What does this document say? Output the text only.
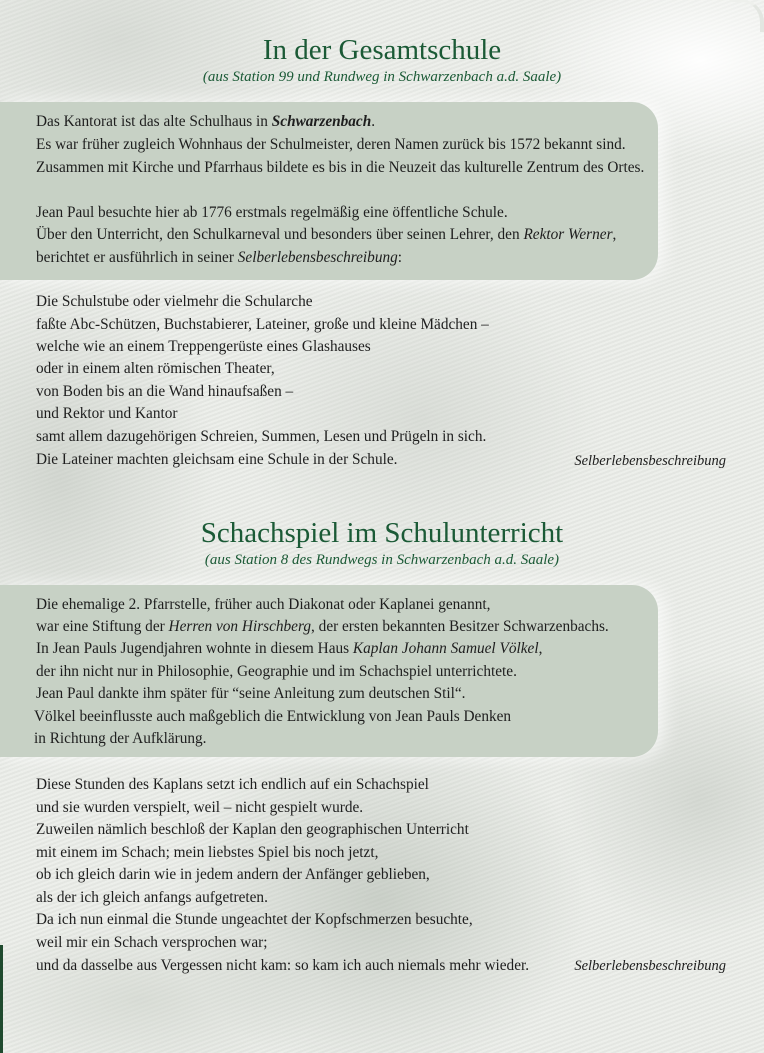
In der Gesamtschule

(aus Station 99 und Rundweg in Schwarzenbach a.d. Saale)

Das Kantorat ist das alte Schulhaus in Schwarzenbach.
Es war früher zugleich Wohnhaus der Schulmeister, deren Namen zurück bis 1572 bekannt sind.
Zusammen mit Kirche und Pfarrhaus bildete es bis in die Neuzeit das kulturelle Zentrum des Ortes.
Jean Paul besuchte hier ab 1776 erstmals regelmäßig eine öffentliche Schule.
Über den Unterricht, den Schulkarneval und besonders über seinen Lehrer, den Rektor Werner,
berichtet er ausführlich in seiner Selberlebensbeschreibung:
Die Schulstube oder vielmehr die Schularche
faßte Abc-Schützen, Buchstabierer, Lateiner, große und kleine Mädchen –
welche wie an einem Treppengerüste eines Glashauses
oder in einem alten römischen Theater,
von Boden bis an die Wand hinaufsaßen –
und Rektor und Kantor
samt allem dazugehörigen Schreien, Summen, Lesen und Prügeln in sich.
Die Lateiner machten gleichsam eine Schule in der Schule.	Selberlebensbeschreibung
Schachspiel im Schulunterricht

(aus Station 8 des Rundwegs in Schwarzenbach a.d. Saale)

Die ehemalige 2. Pfarrstelle, früher auch Diakonat oder Kaplanei genannt,
war eine Stiftung der Herren von Hirschberg, der ersten bekannten Besitzer Schwarzenbachs.
In Jean Pauls Jugendjahren wohnte in diesem Haus Kaplan Johann Samuel Völkel,
der ihn nicht nur in Philosophie, Geographie und im Schachspiel unterrichtete.
Jean Paul dankte ihm später für “seine Anleitung zum deutschen Stil“.
Völkel beeinflusste auch maßgeblich die Entwicklung von Jean Pauls Denken
in Richtung der Aufklärung.
Diese Stunden des Kaplans setzt ich endlich auf ein Schachspiel
und sie wurden verspielt, weil – nicht gespielt wurde.
Zuweilen nämlich beschloß der Kaplan den geographischen Unterricht
mit einem im Schach; mein liebstes Spiel bis noch jetzt,
ob ich gleich darin wie in jedem andern der Anfänger geblieben,
als der ich gleich anfangs aufgetreten.
Da ich nun einmal die Stunde ungeachtet der Kopfschmerzen besuchte,
weil mir ein Schach versprochen war;
und da dasselbe aus Vergessen nicht kam: so kam ich auch niemals mehr wieder.	Selberlebensbeschreibung
